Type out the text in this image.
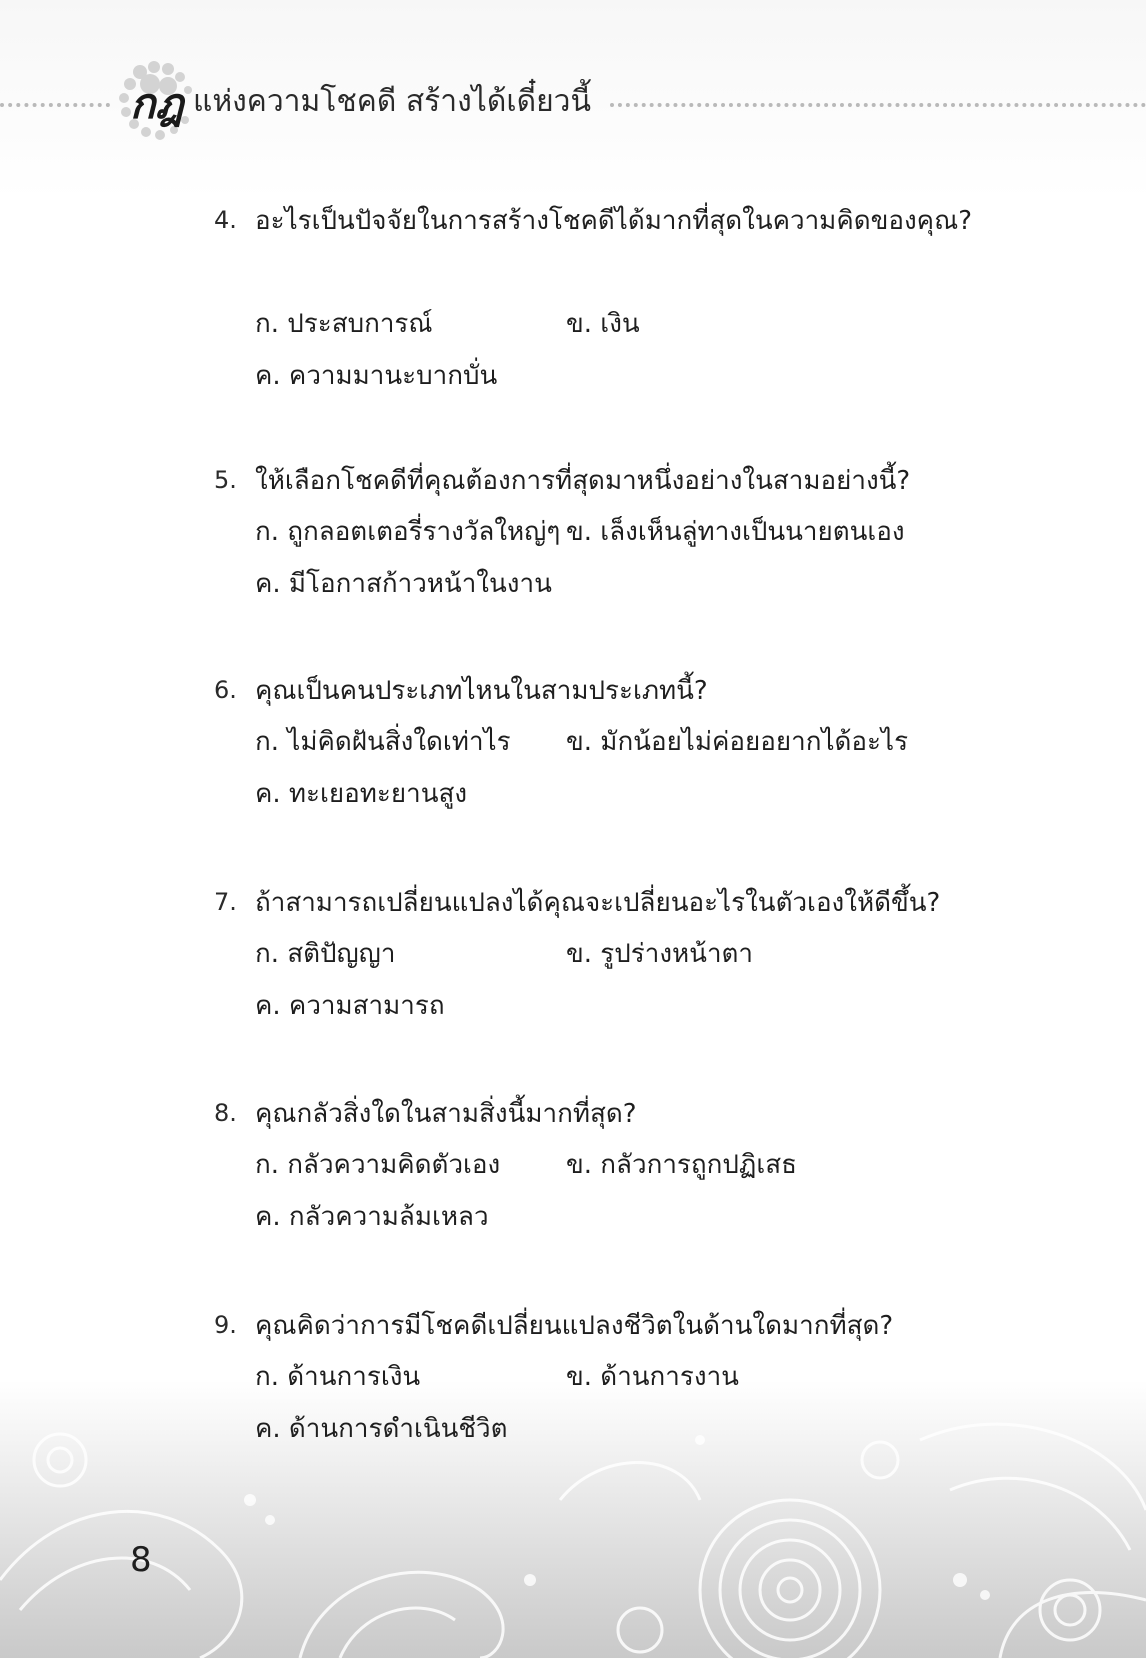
กฎ แห่งความโชคดี สร้างได้เดี๋ยวนี้
4. อะไรเป็นปัจจัยในการสร้างโชคดีได้มากที่สุดในความคิดของคุณ?
ก. ประสบการณ์	ข. เงิน
ค. ความมานะบากบั่น
5. ให้เลือกโชคดีที่คุณต้องการที่สุดมาหนึ่งอย่างในสามอย่างนี้?
ก. ถูกลอตเตอรี่รางวัลใหญ่ๆ ข. เล็งเห็นลู่ทางเป็นนายตนเอง
ค. มีโอกาสก้าวหน้าในงาน
6. คุณเป็นคนประเภทไหนในสามประเภทนี้?
ก. ไม่คิดฝันสิ่งใดเท่าไร ข. มักน้อยไม่ค่อยอยากได้อะไร
ค. ทะเยอทะยานสูง
7. ถ้าสามารถเปลี่ยนแปลงได้คุณจะเปลี่ยนอะไรในตัวเองให้ดีขึ้น?
ก. สติปัญญา	ข. รูปร่างหน้าตา
ค. ความสามารถ
8. คุณกลัวสิ่งใดในสามสิ่งนี้มากที่สุด?
ก. กลัวความคิดตัวเอง	ข. กลัวการถูกปฏิเสธ
ค. กลัวความล้มเหลว
9. คุณคิดว่าการมีโชคดีเปลี่ยนแปลงชีวิตในด้านใดมากที่สุด?
ก. ด้านการเงิน	ข. ด้านการงาน
ค. ด้านการดำเนินชีวิต
8
